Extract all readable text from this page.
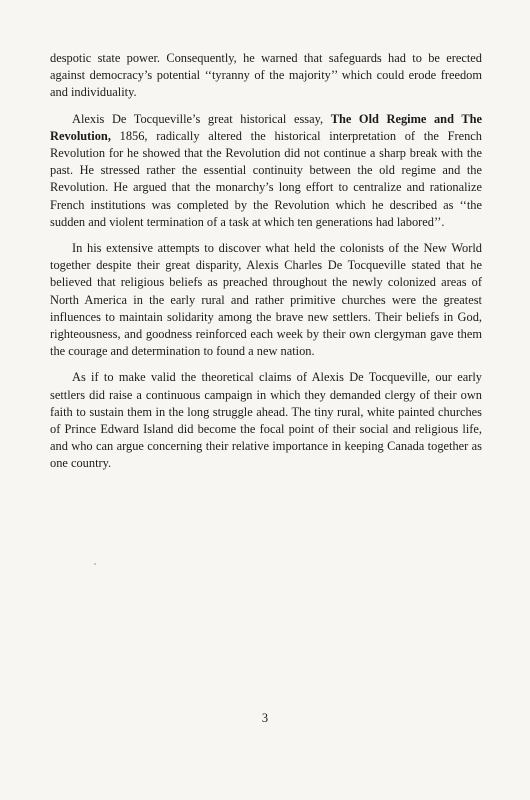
despotic state power. Consequently, he warned that safeguards had to be erected against democracy’s potential ‘‘tyranny of the majority’’ which could erode freedom and individuality.

Alexis De Tocqueville’s great historical essay, The Old Regime and The Revolution, 1856, radically altered the historical interpretation of the French Revolution for he showed that the Revolution did not continue a sharp break with the past. He stressed rather the essential continuity between the old regime and the Revolution. He argued that the monarchy’s long effort to centralize and rationalize French institutions was completed by the Revolution which he described as ‘‘the sudden and violent termination of a task at which ten generations had labored’’.

In his extensive attempts to discover what held the colonists of the New World together despite their great disparity, Alexis Charles De Tocqueville stated that he believed that religious beliefs as preached throughout the newly colonized areas of North America in the early rural and rather primitive churches were the greatest influences to maintain solidarity among the brave new settlers. Their beliefs in God, righteousness, and goodness reinforced each week by their own clergyman gave them the courage and determination to found a new nation.

As if to make valid the theoretical claims of Alexis De Tocqueville, our early settlers did raise a continuous campaign in which they demanded clergy of their own faith to sustain them in the long struggle ahead. The tiny rural, white painted churches of Prince Edward Island did become the focal point of their social and religious life, and who can argue concerning their relative importance in keeping Canada together as one country.

3
